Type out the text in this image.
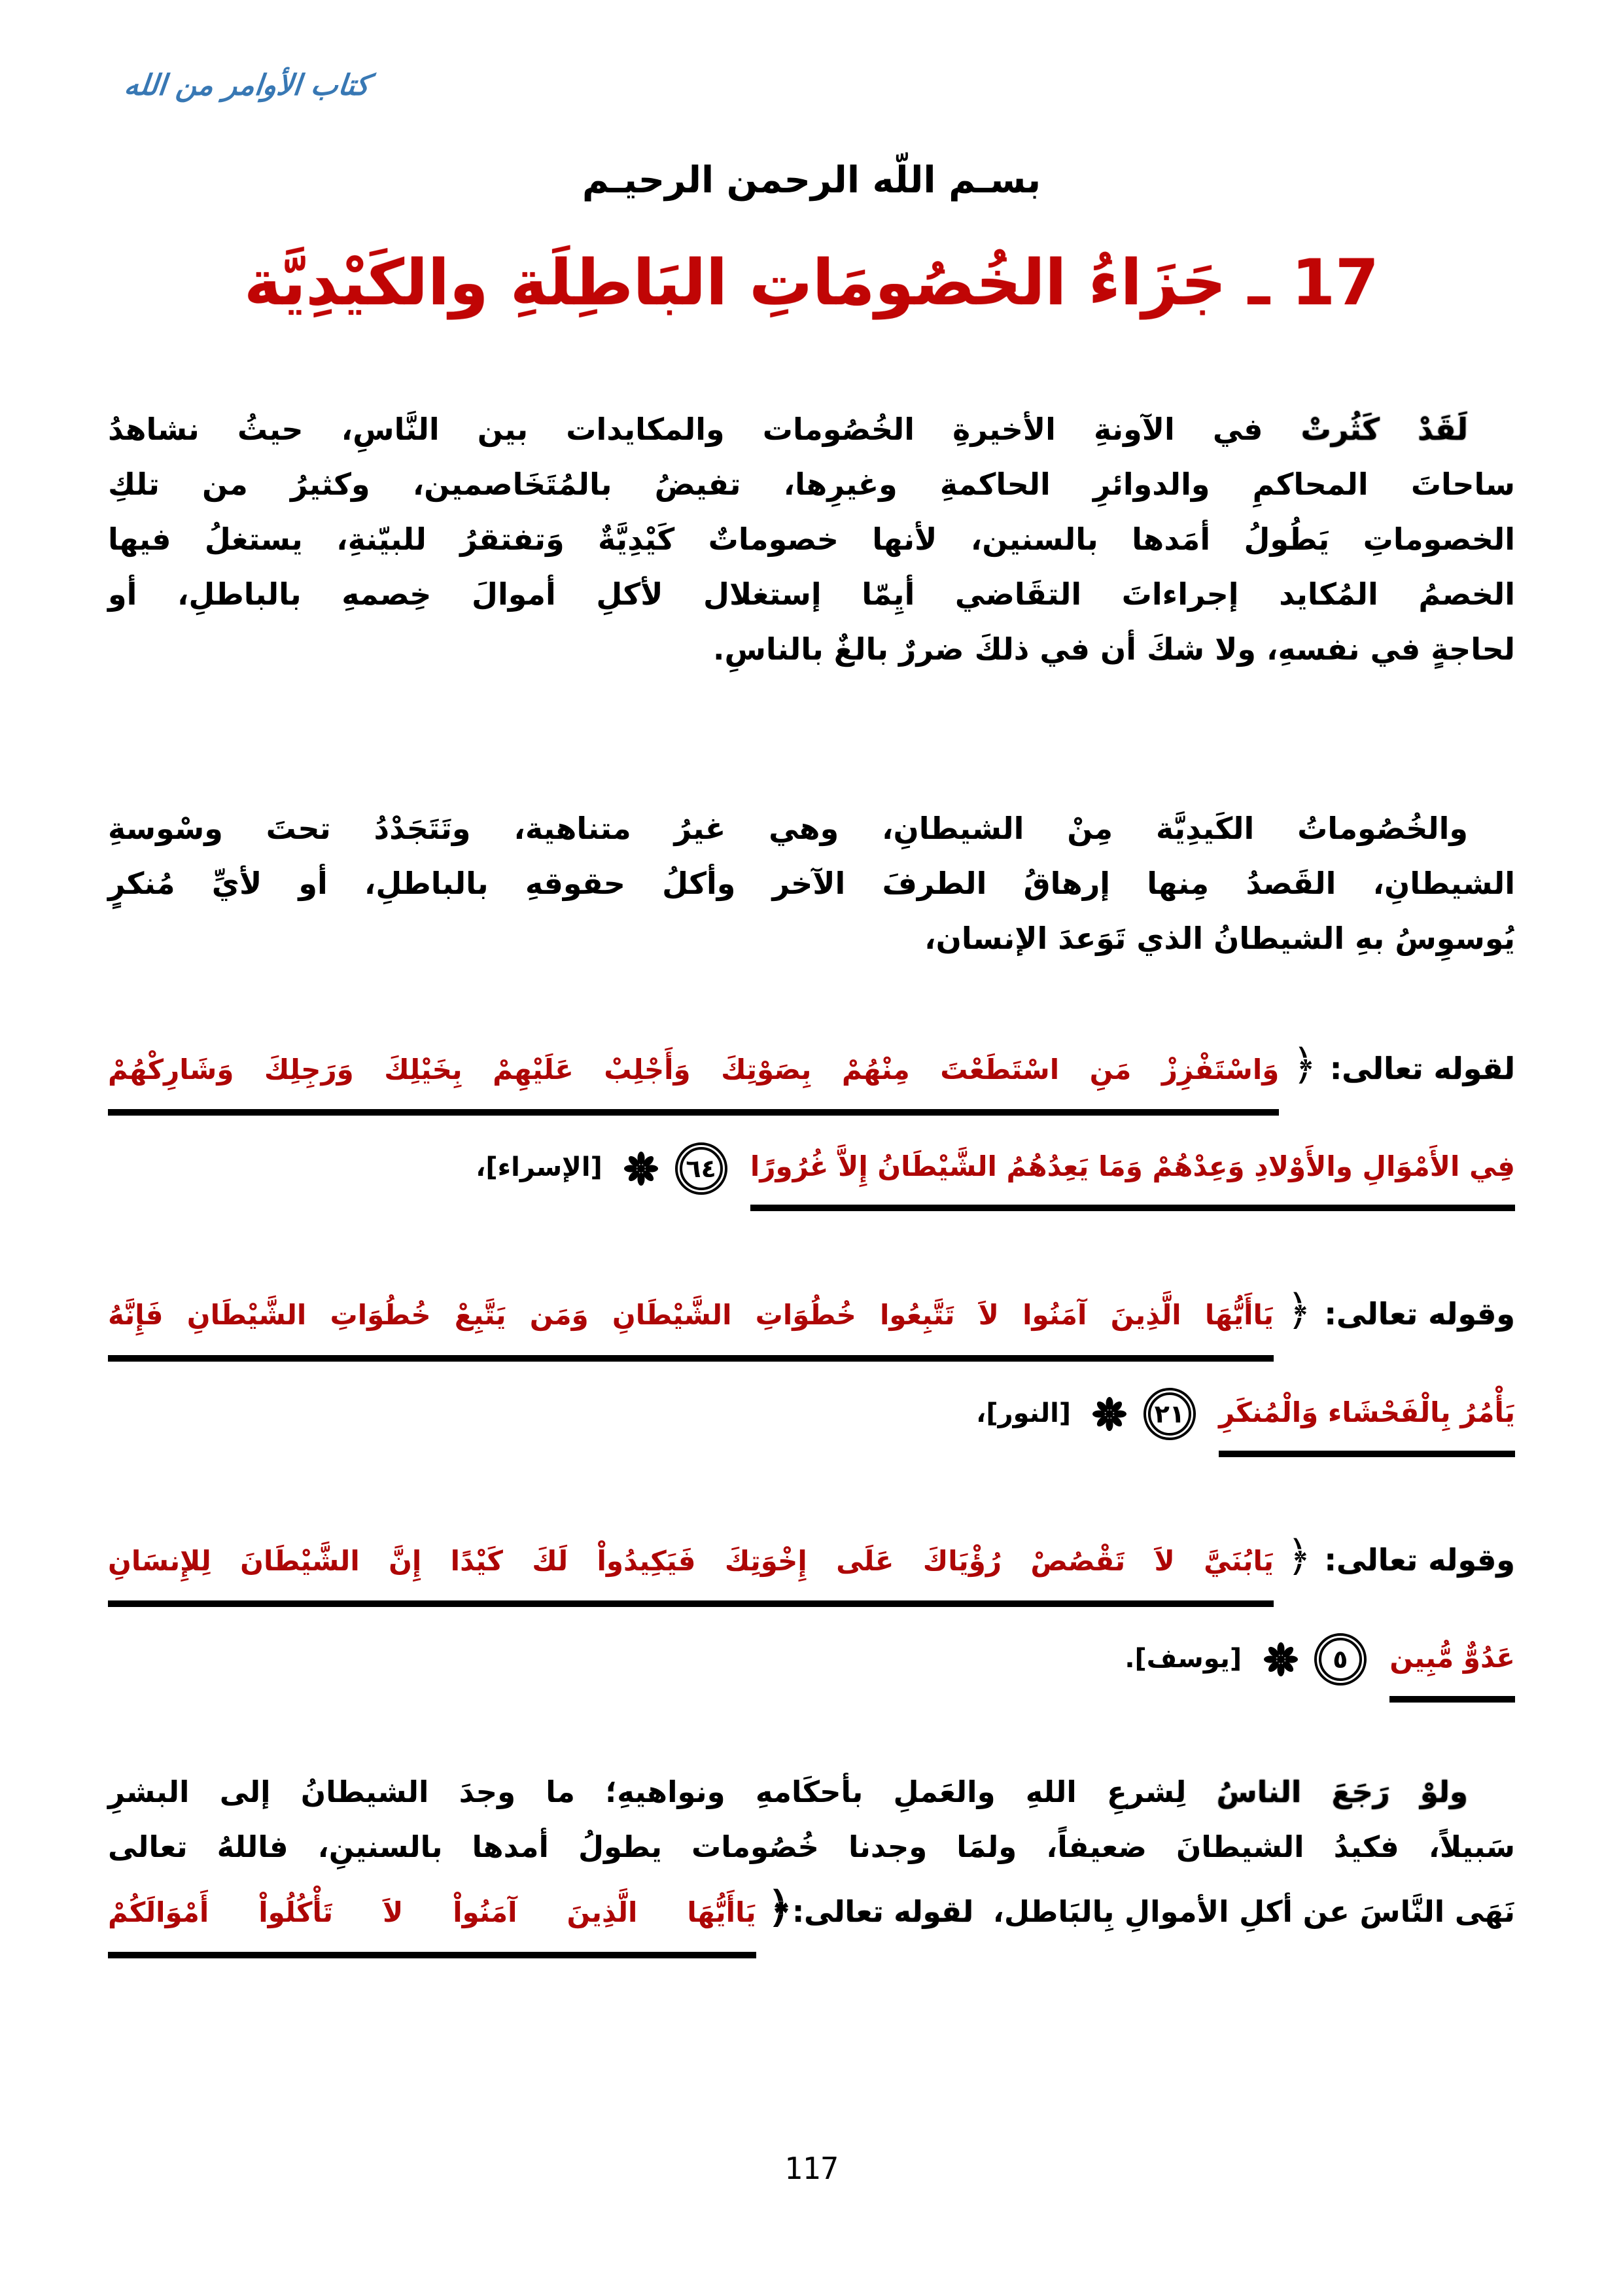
كتاب الأوامر من الله
بسـم اللّه الرحمن الرحيـم
17 ـ جَزَاءُ الخُصُومَاتِ البَاطِلَةِ والكَيْدِيَّة
لَقَدْ كَثُرتْ في الآونةِ الأخيرةِ الخُصُومات والمكايدات بين النَّاسِ، حيثُ نشاهدُ
ساحاتَ المحاكمِ والدوائرِ الحاكمةِ وغيرِها، تفيضُ بالمُتَخَاصمين، وكثيرُ من تلكِ
الخصوماتِ يَطُولُ أمَدها بالسنين، لأنها خصوماتٌ كَيْدِيَّةٌ وَتفتقرُ للبيّنةِ، يستغلُ فيها
الخصمُ المُكايد إجراءاتَ التقَاضي أيِمّا إستغلال لأكلِ أموالَ خِصمهِ بالباطلِ، أو
لحاجةٍ في نفسهِ، ولا شكَ أن في ذلكَ ضررٌ بالغٌ بالناسِ.
والخُصُوماتُ الكَيدِيَّة مِنْ الشيطانِ، وهي غيرُ متناهية، وتَتَجَدْدُ تحتَ وسْوسةِ
الشيطانِ، القَصدُ مِنها إرهاقُ الطرفَ الآخر وأكلُ حقوقهِ بالباطلِ، أو لأيِّ مُنكرٍ
يُوسوِسُ بهِ الشيطانُ الذي تَوَعدَ الإنسان،
لقوله تعالى:
﴿
وَاسْتَفْزِزْ مَنِ اسْتَطَعْتَ مِنْهُمْ بِصَوْتِكَ وَأَجْلِبْ عَلَيْهِمْ بِخَيْلِكَ وَرَجِلِكَ وَشَارِكْهُمْ
فِي الأَمْوَالِ والأَوْلادِ وَعِدْهُمْ وَمَا يَعِدُهُمُ الشَّيْطَانُ إِلاَّ غُرُورًا ٦٤  [الإسراء]،
وقوله تعالى:
﴿
يَاأَيُّهَا الَّذِينَ آمَنُوا لاَ تَتَّبِعُوا خُطُوَاتِ الشَّيْطَانِ وَمَن يَتَّبِعْ خُطُوَاتِ الشَّيْطَانِ فَإِنَّهُ
يَأْمُرُ بِالْفَحْشَاء وَالْمُنكَرِ ٢١  [النور]،
وقوله تعالى:
﴿
يَابُنَيَّ لاَ تَقْصُصْ رُؤْيَاكَ عَلَى إِخْوَتِكَ فَيَكِيدُواْ لَكَ كَيْدًا إِنَّ الشَّيْطَانَ لِلإِنسَانِ
عَدُوٌّ مُّبِين ٥  [يوسف].
ولوْ رَجَعَ الناسُ لِشرعِ اللهِ والعَملِ بأحكَامهِ ونواهيهِ؛ ما وجدَ الشيطانُ إلى البشرِ
سَبيلاً، فكيدُ الشيطانَ ضعيفاً، ولمَا وجدنا خُصُومات يطولُ أمدها بالسنينِ، فاللهُ تعالى
نَهَى النَّاسَ عن أكلِ الأموالِ بِالبَاطل، لقوله تعالى:﴿
يَاأَيُّهَا الَّذِينَ آمَنُواْ لاَ تَأْكُلُواْ أَمْوَالَكُمْ
117
